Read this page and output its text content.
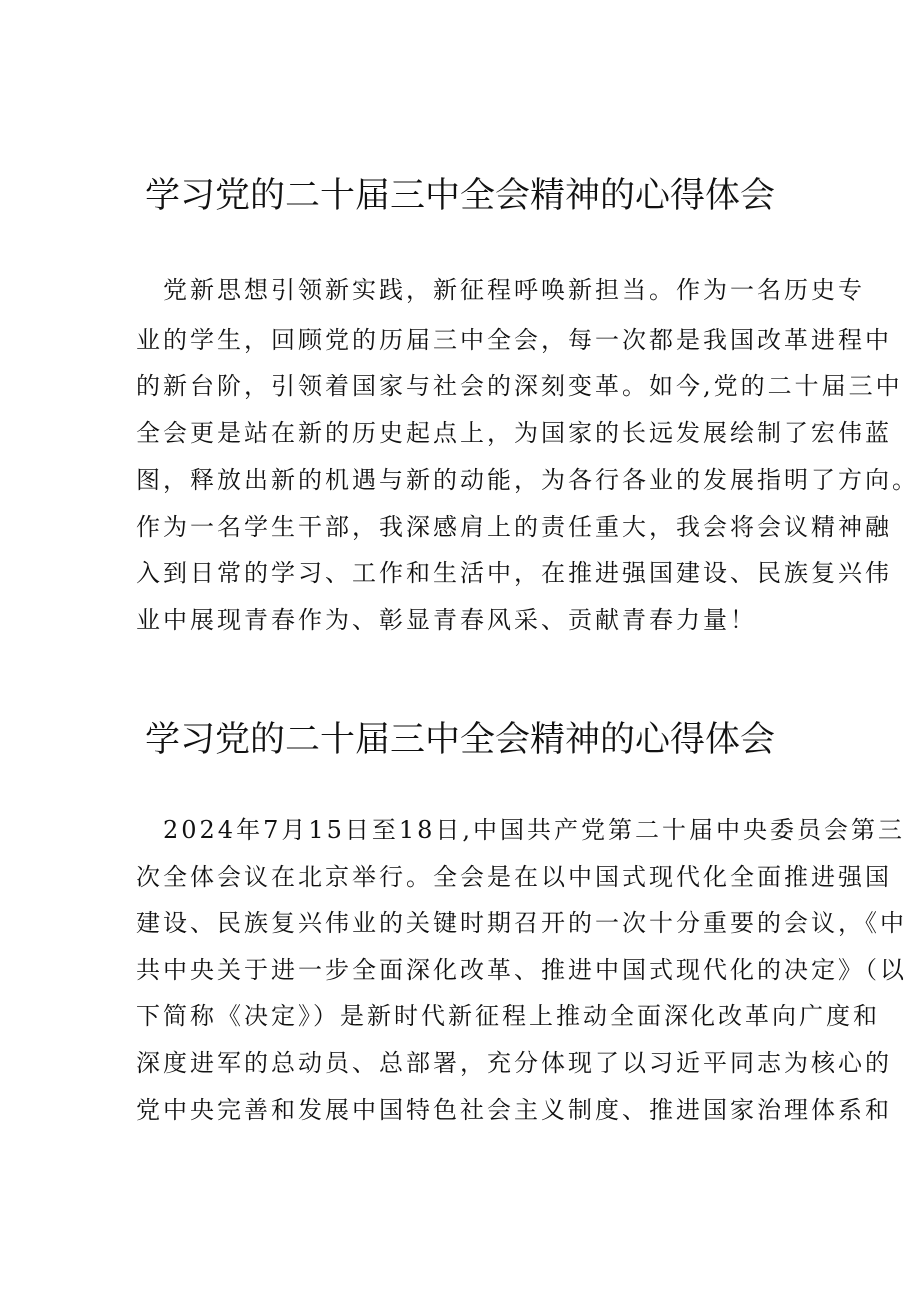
学习党的二十届三中全会精神的心得体会
　党新思想引领新实践，新征程呼唤新担当。作为一名历史专
业的学生，回顾党的历届三中全会，每一次都是我国改革进程中
的新台阶，引领着国家与社会的深刻变革。如今,党的二十届三中
全会更是站在新的历史起点上，为国家的长远发展绘制了宏伟蓝
图，释放出新的机遇与新的动能，为各行各业的发展指明了方向。
作为一名学生干部，我深感肩上的责任重大，我会将会议精神融
入到日常的学习、工作和生活中，在推进强国建设、民族复兴伟
业中展现青春作为、彰显青春风采、贡献青春力量！
学习党的二十届三中全会精神的心得体会
　2024年7月15日至18日,中国共产党第二十届中央委员会第三
次全体会议在北京举行。全会是在以中国式现代化全面推进强国
建设、民族复兴伟业的关键时期召开的一次十分重要的会议，《中
共中央关于进一步全面深化改革、推进中国式现代化的决定》（以
下简称《决定》）是新时代新征程上推动全面深化改革向广度和
深度进军的总动员、总部署，充分体现了以习近平同志为核心的
党中央完善和发展中国特色社会主义制度、推进国家治理体系和
